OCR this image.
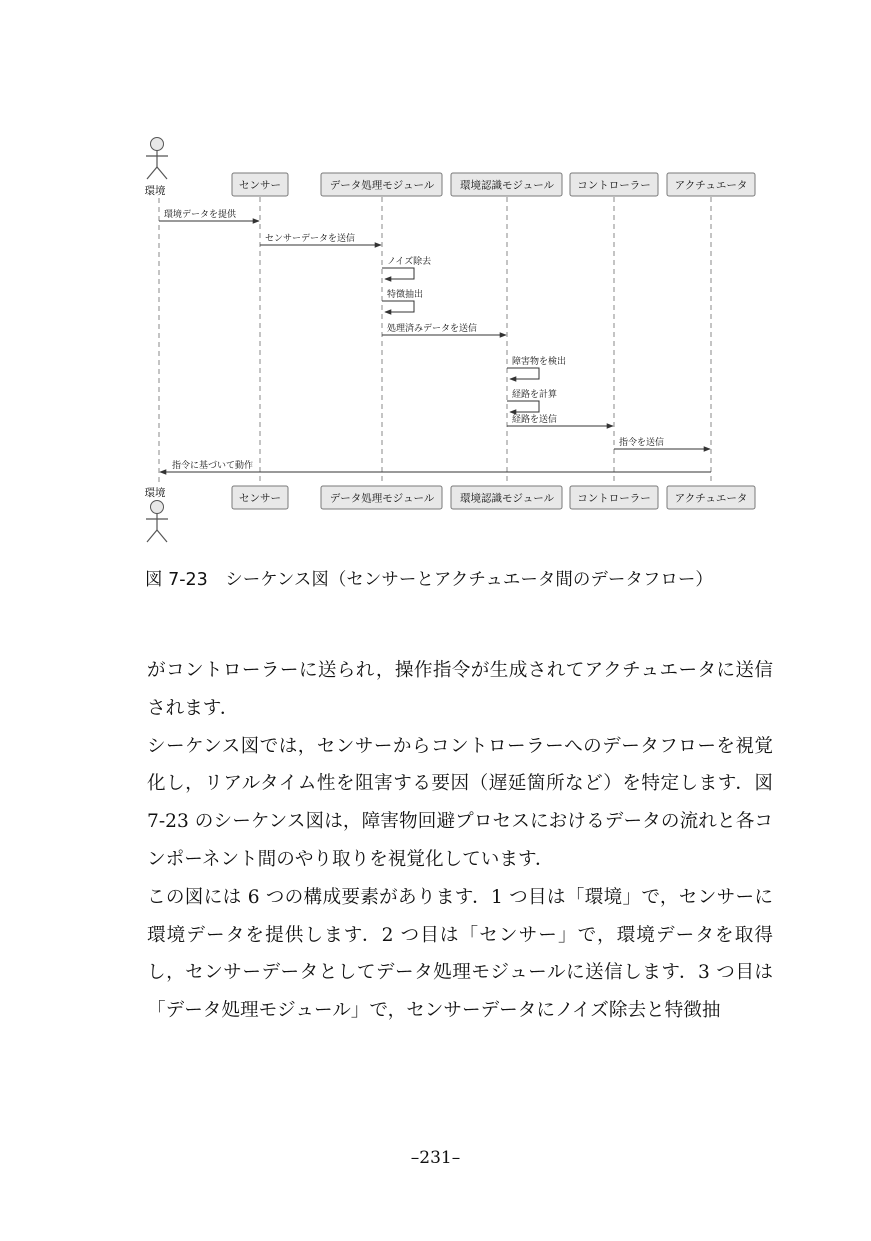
センサー
センサー
データ処理モジュール
データ処理モジュール
環境認識モジュール
環境認識モジュール
コントローラー
コントローラー
アクチュエータ
アクチュエータ
環境
環境
環境データを提供
センサーデータを送信
ノイズ除去
特徴抽出
処理済みデータを送信
障害物を検出
経路を計算
経路を送信
指令を送信
指令に基づいて動作
図 7-23　シーケンス図（センサーとアクチュエータ間のデータフロー）

がコントローラーに送られ，操作指令が生成されてアクチュエータに送信されます．

シーケンス図では，センサーからコントローラーへのデータフローを視覚化し，リアルタイム性を阻害する要因（遅延箇所など）を特定します．図 7-23 のシーケンス図は，障害物回避プロセスにおけるデータの流れと各コンポーネント間のやり取りを視覚化しています．

この図には 6 つの構成要素があります．1 つ目は「環境」で，センサーに環境データを提供します．2 つ目は「センサー」で，環境データを取得し，センサーデータとしてデータ処理モジュールに送信します．3 つ目は「データ処理モジュール」で，センサーデータにノイズ除去と特徴抽

–231–
